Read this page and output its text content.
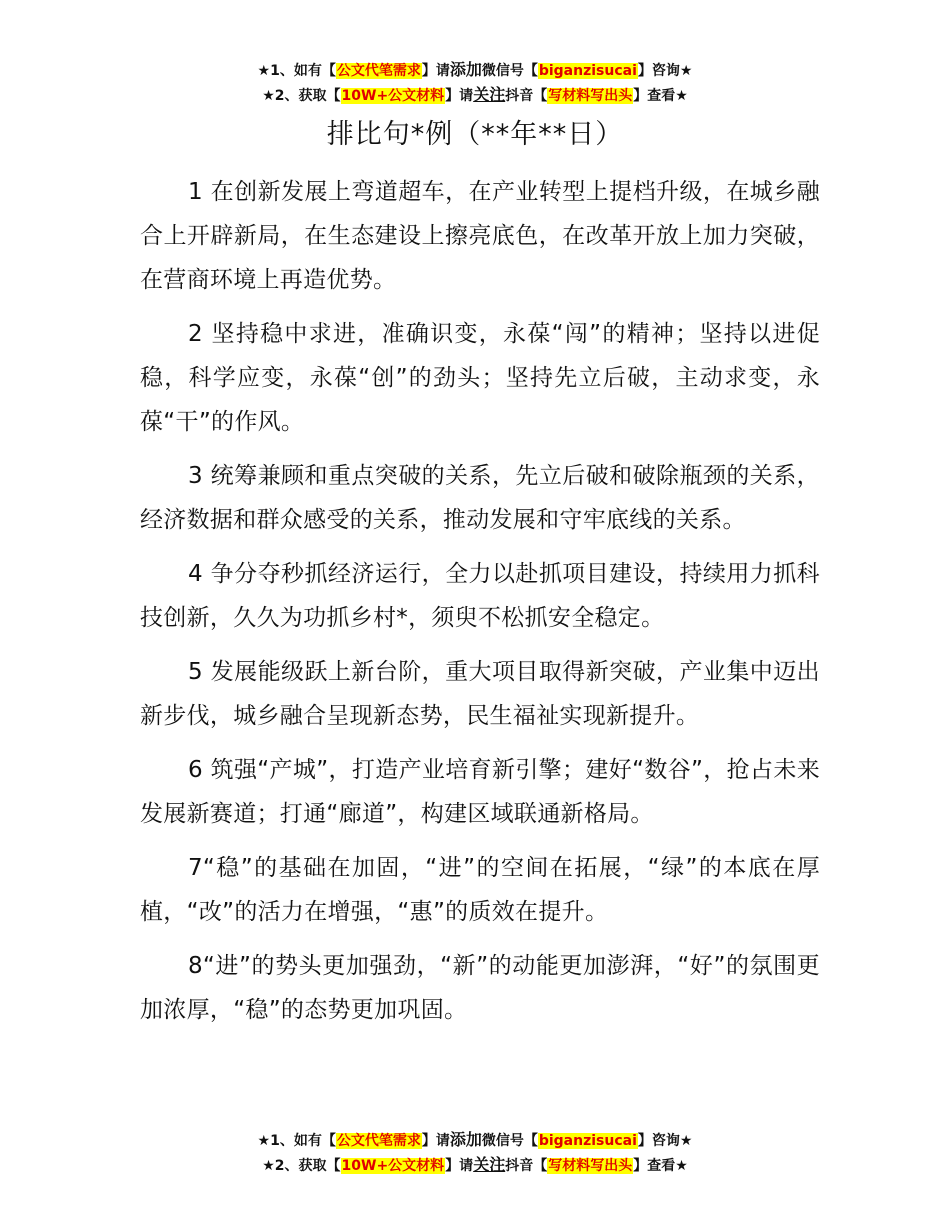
★1、如有【公文代笔需求】请添加微信号【biganzisucai】咨询★
★2、获取【10W+公文材料】请关注抖音【写材料写出头】查看★
排比句*例（**年**日）

1 在创新发展上弯道超车，在产业转型上提档升级，在城乡融合上开辟新局，在生态建设上擦亮底色，在改革开放上加力突破，在营商环境上再造优势。

2 坚持稳中求进，准确识变，永葆“闯”的精神；坚持以进促稳，科学应变，永葆“创”的劲头；坚持先立后破，主动求变，永葆“干”的作风。

3 统筹兼顾和重点突破的关系，先立后破和破除瓶颈的关系，经济数据和群众感受的关系，推动发展和守牢底线的关系。

4 争分夺秒抓经济运行，全力以赴抓项目建设，持续用力抓科技创新，久久为功抓乡村*，须臾不松抓安全稳定。

5 发展能级跃上新台阶，重大项目取得新突破，产业集中迈出新步伐，城乡融合呈现新态势，民生福祉实现新提升。

6 筑强“产城”，打造产业培育新引擎；建好“数谷”，抢占未来发展新赛道；打通“廊道”，构建区域联通新格局。

7“稳”的基础在加固，“进”的空间在拓展，“绿”的本底在厚植，“改”的活力在增强，“惠”的质效在提升。

8“进”的势头更加强劲，“新”的动能更加澎湃，“好”的氛围更加浓厚，“稳”的态势更加巩固。

★1、如有【公文代笔需求】请添加微信号【biganzisucai】咨询★
★2、获取【10W+公文材料】请关注抖音【写材料写出头】查看★
